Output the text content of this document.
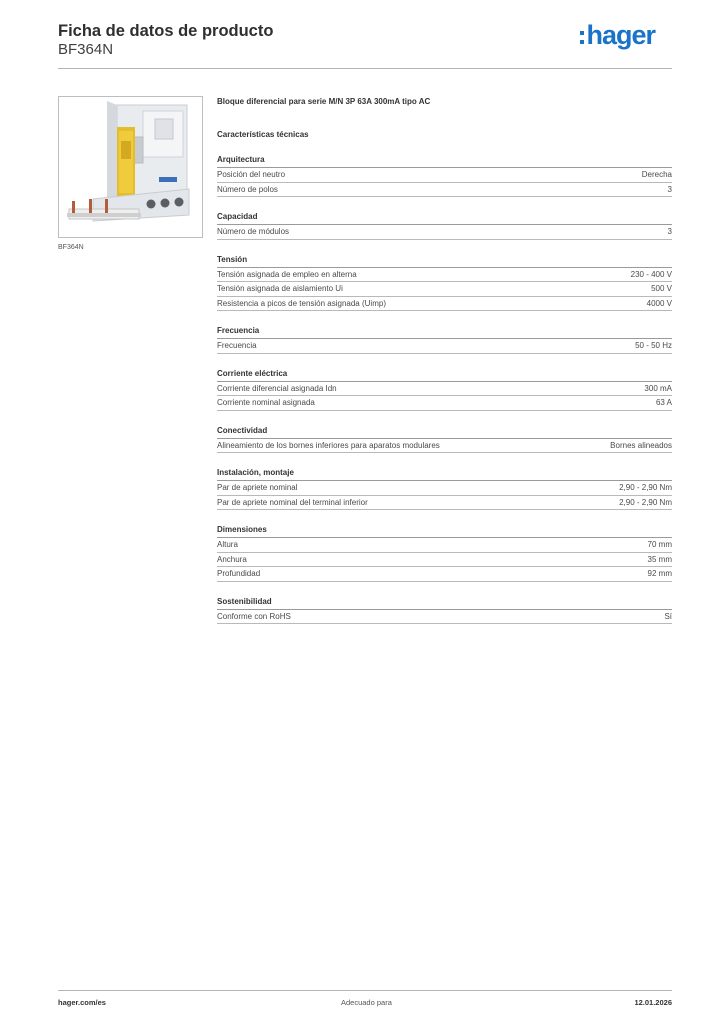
Ficha de datos de producto
BF364N	hager
BF364N
Bloque diferencial para serie M/N 3P 63A 300mA tipo AC
Características técnicas
Arquitectura
Posición del neutro	Derecha
Número de polos	3
Capacidad
Número de módulos	3
Tensión
Tensión asignada de empleo en alterna	230 - 400 V
Tensión asignada de aislamiento Ui	500 V
Resistencia a picos de tensión asignada (Uimp)	4000 V
Frecuencia
Frecuencia	50 - 50 Hz
Corriente eléctrica
Corriente diferencial asignada Idn	300 mA
Corriente nominal asignada	63 A
Conectividad
Alineamiento de los bornes inferiores para aparatos modulares	Bornes alineados
Instalación, montaje
Par de apriete nominal	2,90 - 2,90 Nm
Par de apriete nominal del terminal inferior	2,90 - 2,90 Nm
Dimensiones
Altura	70 mm
Anchura	35 mm
Profundidad	92 mm
Sostenibilidad
Conforme con RoHS	Sí
hager.com/es	Adecuado para	12.01.2026
